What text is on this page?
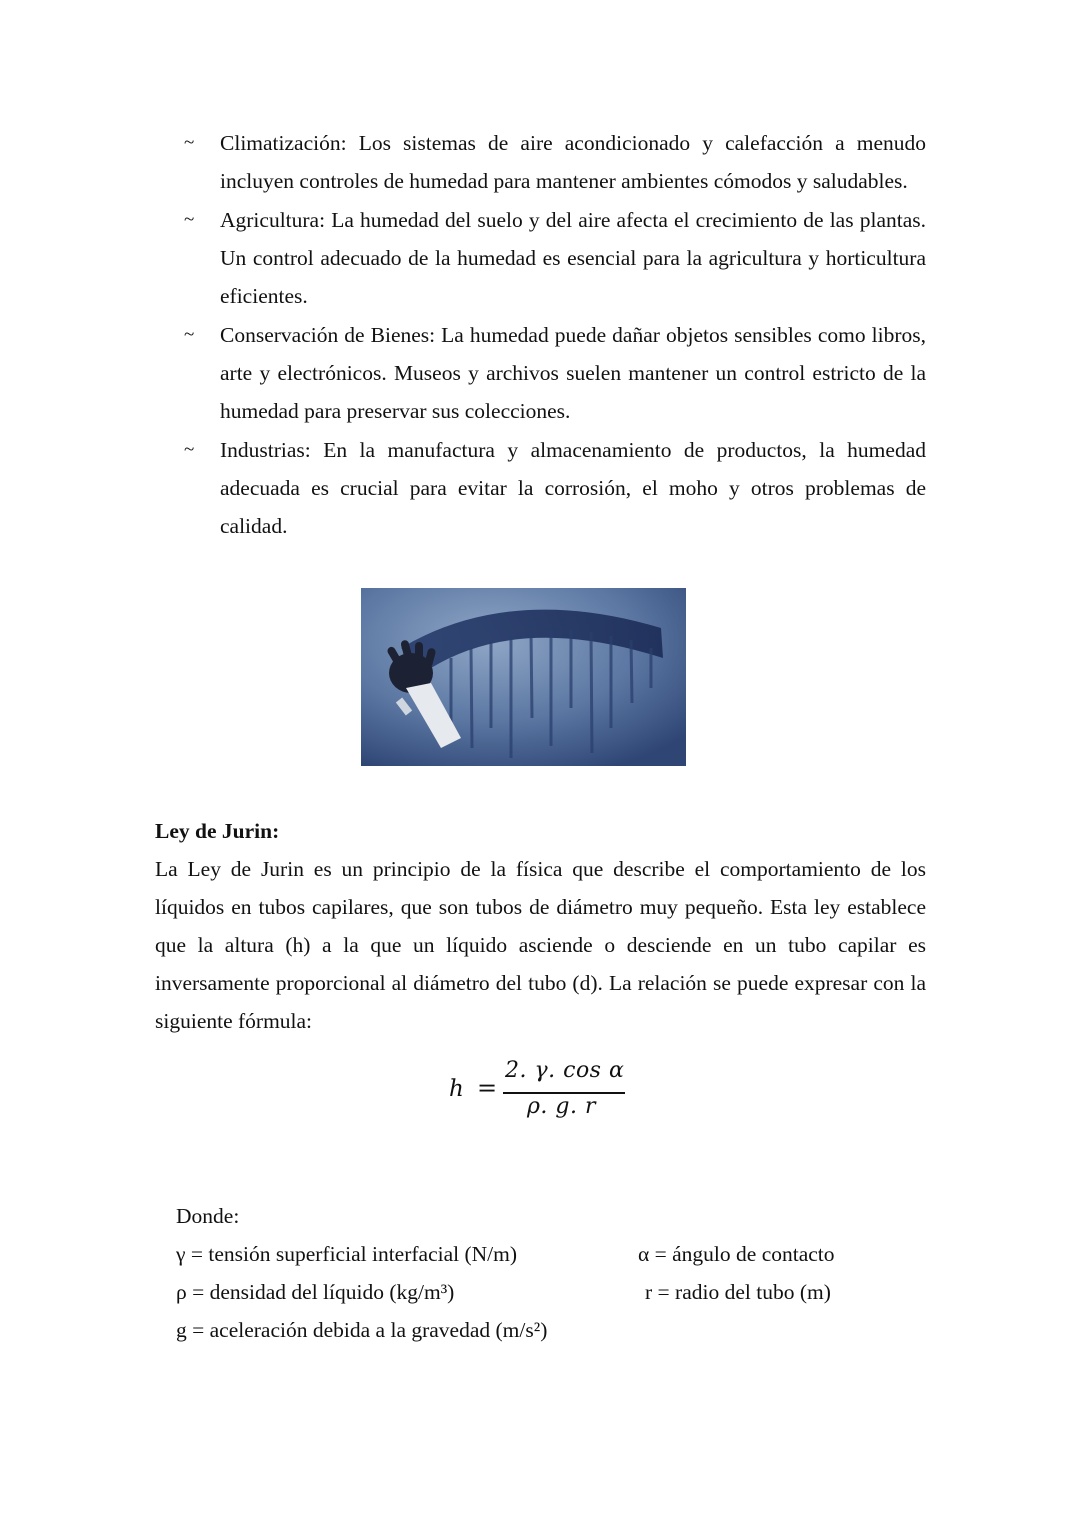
~ Climatización: Los sistemas de aire acondicionado y calefacción a menudo incluyen controles de humedad para mantener ambientes cómodos y saludables.
~ Agricultura: La humedad del suelo y del aire afecta el crecimiento de las plantas. Un control adecuado de la humedad es esencial para la agricultura y horticultura eficientes.
~ Conservación de Bienes: La humedad puede dañar objetos sensibles como libros, arte y electrónicos. Museos y archivos suelen mantener un control estricto de la humedad para preservar sus colecciones.
~ Industrias: En la manufactura y almacenamiento de productos, la humedad adecuada es crucial para evitar la corrosión, el moho y otros problemas de calidad.
Ley de Jurin:
La Ley de Jurin es un principio de la física que describe el comportamiento de los líquidos en tubos capilares, que son tubos de diámetro muy pequeño. Esta ley establece que la altura (h) a la que un líquido asciende o desciende en un tubo capilar es inversamente proporcional al diámetro del tubo (d). La relación se puede expresar con la siguiente fórmula:
h =
2. γ. cos α
ρ. g. r
Donde:
γ = tensión superficial interfacial (N/m)	α = ángulo de contacto
ρ = densidad del líquido (kg/m³)	r = radio del tubo (m)
g = aceleración debida a la gravedad (m/s²)
